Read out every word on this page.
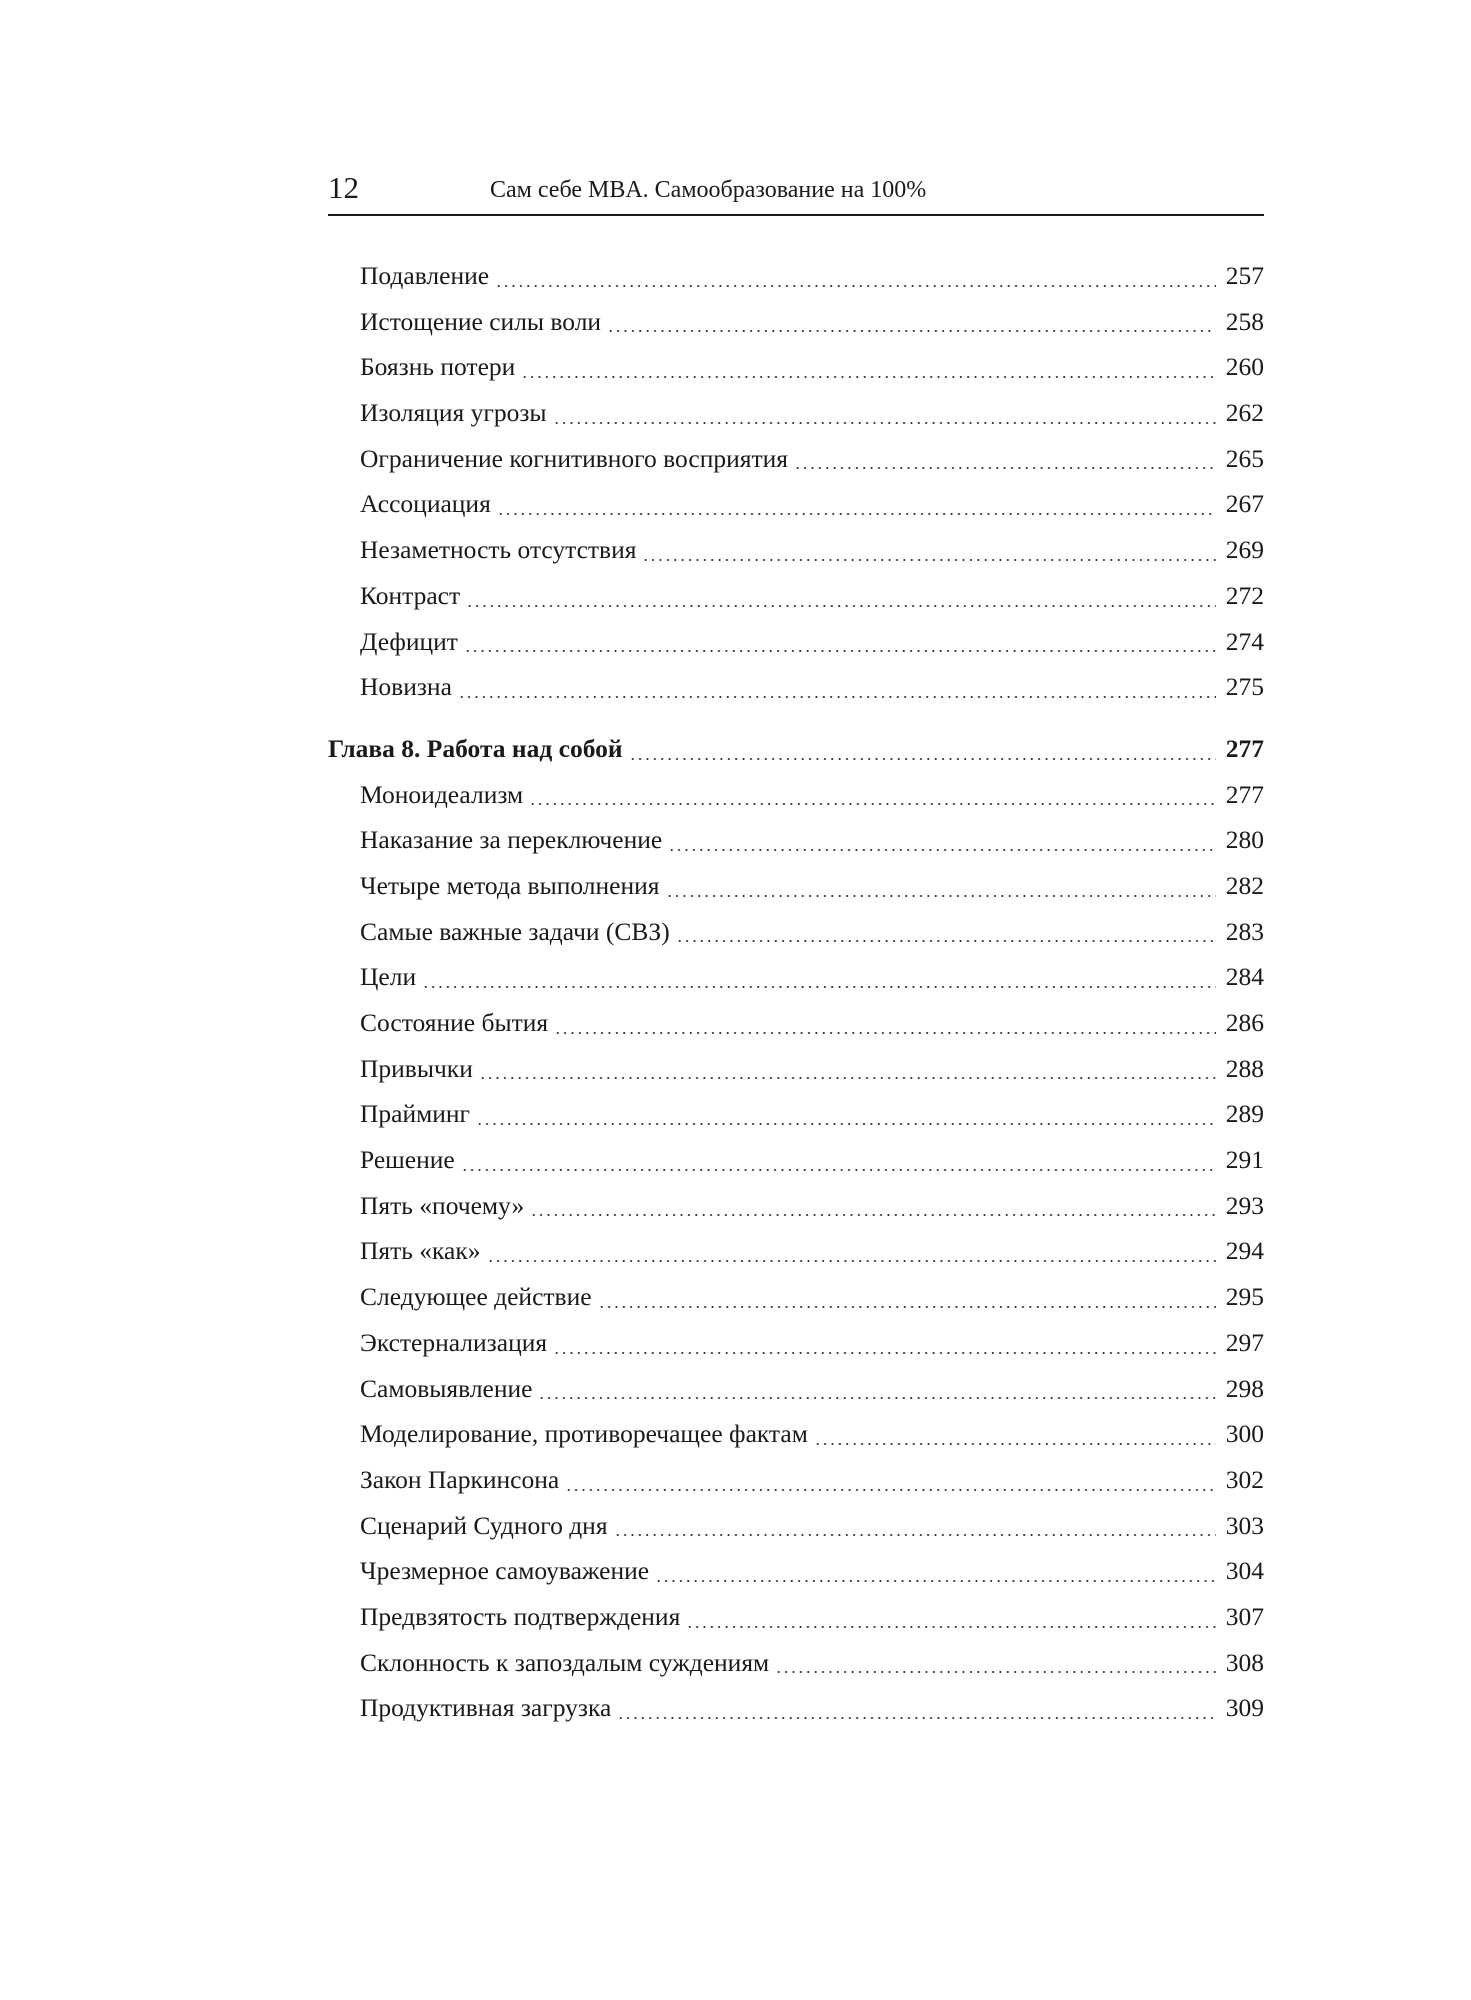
12	Сам себе MBA. Самообразование на 100%
Подавление	257
Истощение силы воли	258
Боязнь потери	260
Изоляция угрозы	262
Ограничение когнитивного восприятия	265
Ассоциация	267
Незаметность отсутствия	269
Контраст	272
Дефицит	274
Новизна	275
Глава 8. Работа над собой	277
Моноидеализм	277
Наказание за переключение	280
Четыре метода выполнения	282
Самые важные задачи (СВЗ)	283
Цели	284
Состояние бытия	286
Привычки	288
Прайминг	289
Решение	291
Пять «почему»	293
Пять «как»	294
Следующее действие	295
Экстернализация	297
Самовыявление	298
Моделирование, противоречащее фактам	300
Закон Паркинсона	302
Сценарий Судного дня	303
Чрезмерное самоуважение	304
Предвзятость подтверждения	307
Склонность к запоздалым суждениям	308
Продуктивная загрузка	309
